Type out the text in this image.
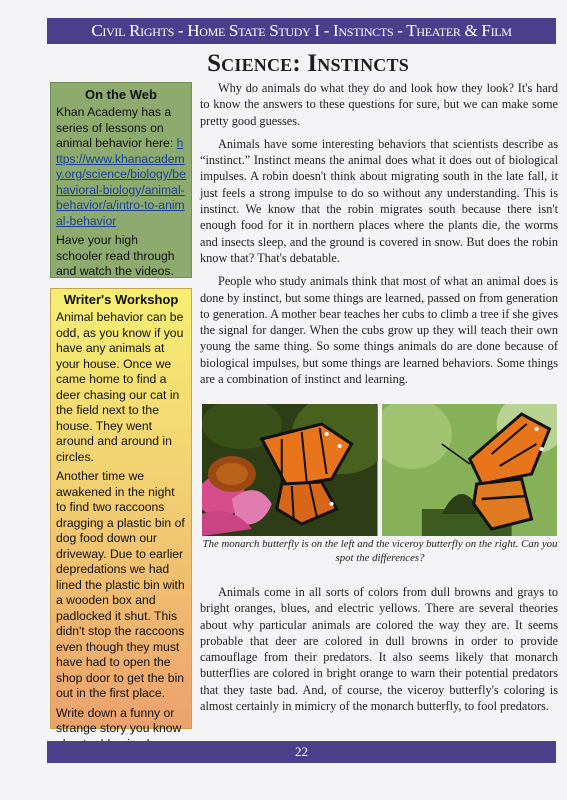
Civil Rights - Home State Study I - Instincts - Theater & Film
Science: Instincts
On the Web
Khan Academy has a series of lessons on animal behavior here: https://www.khanacademy.org/science/biology/behavioral-biology/animal-behavior/a/intro-to-animal-behavior
Have your high schooler read through and watch the videos.
Writer's Workshop
Animal behavior can be odd, as you know if you have any animals at your house. Once we came home to find a deer chasing our cat in the field next to the house. They went around and around in circles.
Another time we awakened in the night to find two raccoons dragging a plastic bin of dog food down our driveway. Due to earlier depredations we had lined the plastic bin with a wooden box and padlocked it shut. This didn't stop the raccoons even though they must have had to open the shop door to get the bin out in the first place.
Write down a funny or strange story you know

Why do animals do what they do and look how they look? It's hard to know the answers to these questions for sure, but we can make some pretty good guesses.

Animals have some interesting behaviors that scientists describe as “instinct.” Instinct means the animal does what it does out of biological impulses. A robin doesn't think about migrating south in the late fall, it just feels a strong impulse to do so without any understanding. This is instinct. We know that the robin migrates south because there isn't enough food for it in northern places where the plants die, the worms and insects sleep, and the ground is covered in snow. But does the robin know that? That's debatable.

People who study animals think that most of what an animal does is done by instinct, but some things are learned, passed on from generation to generation. A mother bear teaches her cubs to climb a tree if she gives the signal for danger. When the cubs grow up they will teach their own young the same thing. So some things animals do are done because of biological impulses, but some things are learned behaviors. Some things are a combination of instinct and learning.

The monarch butterfly is on the left and the viceroy butterfly on the right. Can you spot the differences?

Animals come in all sorts of colors from dull browns and grays to bright oranges, blues, and electric yellows. There are several theories about why particular animals are colored the way they are. It seems probable that deer are colored in dull browns in order to provide camouflage from their predators. It also seems likely that monarch butterflies are colored in bright orange to warn their potential predators that they taste bad. And, of course, the viceroy butterfly's coloring is almost certainly in mimicry of the monarch butterfly, to fool predators.

22
